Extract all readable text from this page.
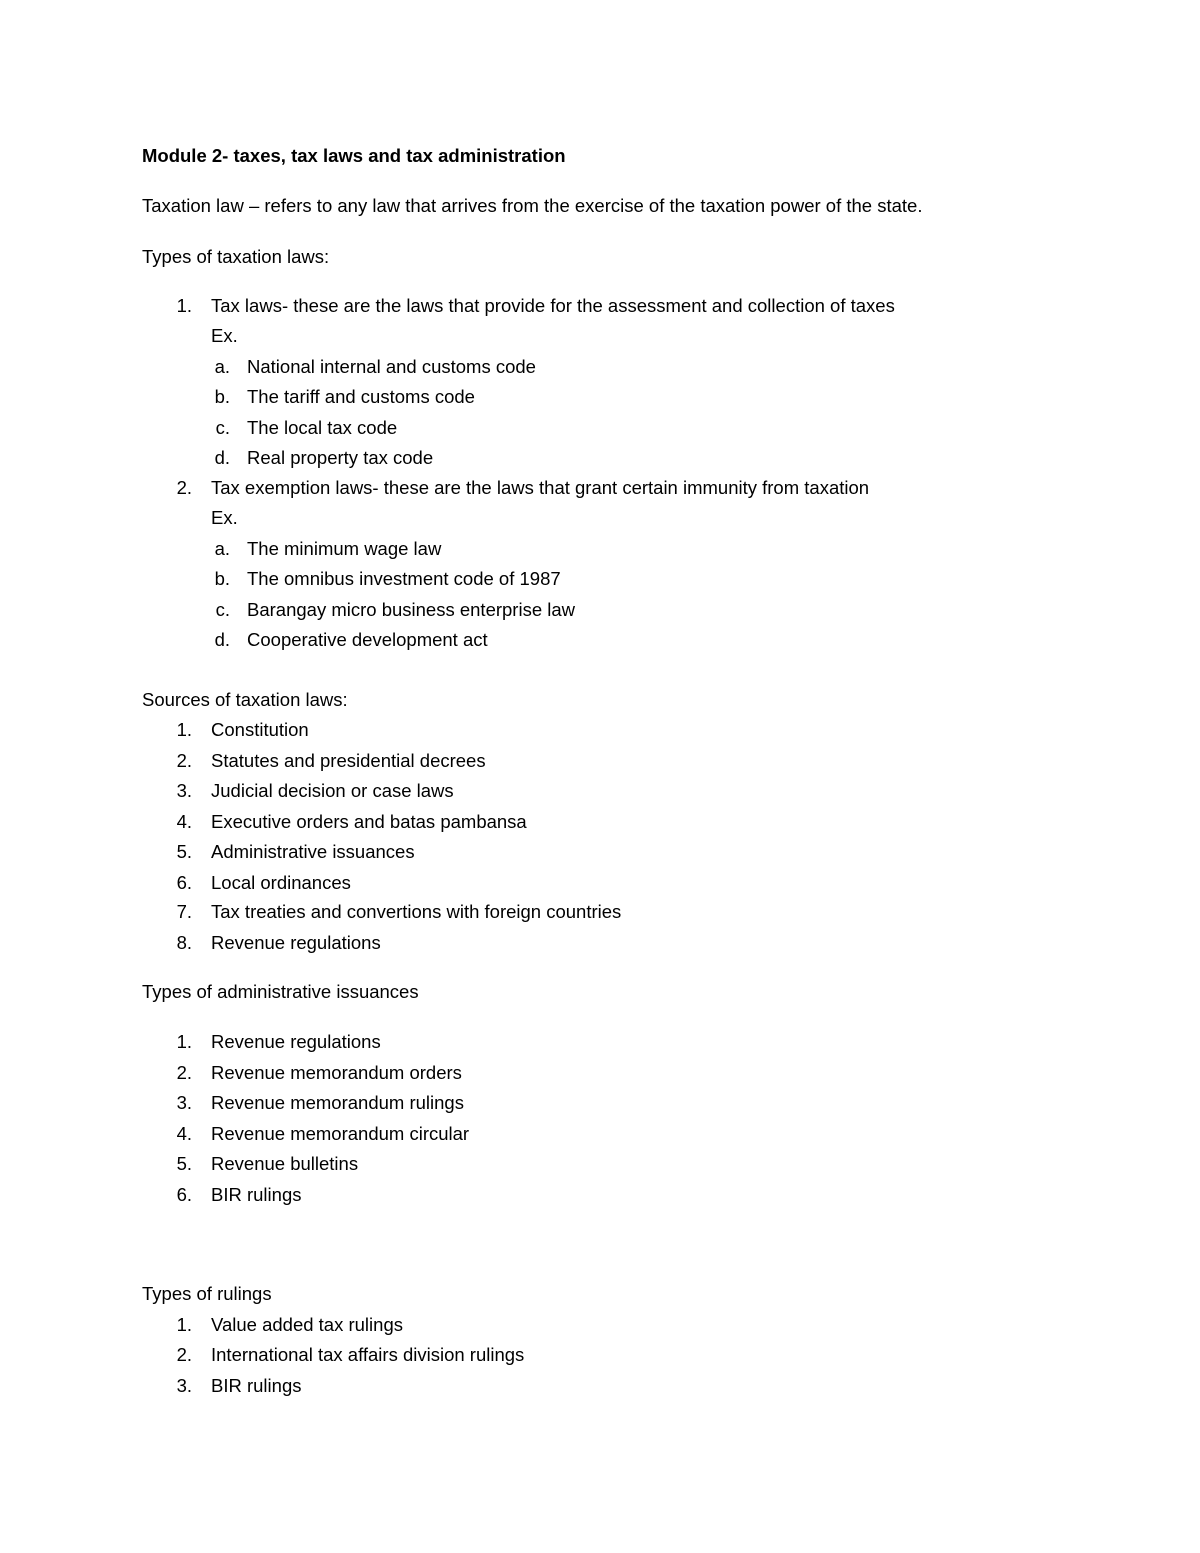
Module 2- taxes, tax laws and tax administration
Taxation law – refers to any law that arrives from the exercise of the taxation power of the state.
Types of taxation laws:
1. Tax laws- these are the laws that provide for the assessment and collection of taxes
Ex.
a. National internal and customs code
b. The tariff and customs code
c. The local tax code
d. Real property tax code
2. Tax exemption laws- these are the laws that grant certain immunity from taxation
Ex.
a. The minimum wage law
b. The omnibus investment code of 1987
c. Barangay micro business enterprise law
d. Cooperative development act
Sources of taxation laws:
1. Constitution
2. Statutes and presidential decrees
3. Judicial decision or case laws
4. Executive orders and batas pambansa
5. Administrative issuances
6. Local ordinances
7. Tax treaties and convertions with foreign countries
8. Revenue regulations
Types of administrative issuances
1. Revenue regulations
2. Revenue memorandum orders
3. Revenue memorandum rulings
4. Revenue memorandum circular
5. Revenue bulletins
6. BIR rulings
Types of rulings
1. Value added tax rulings
2. International tax affairs division rulings
3. BIR rulings
